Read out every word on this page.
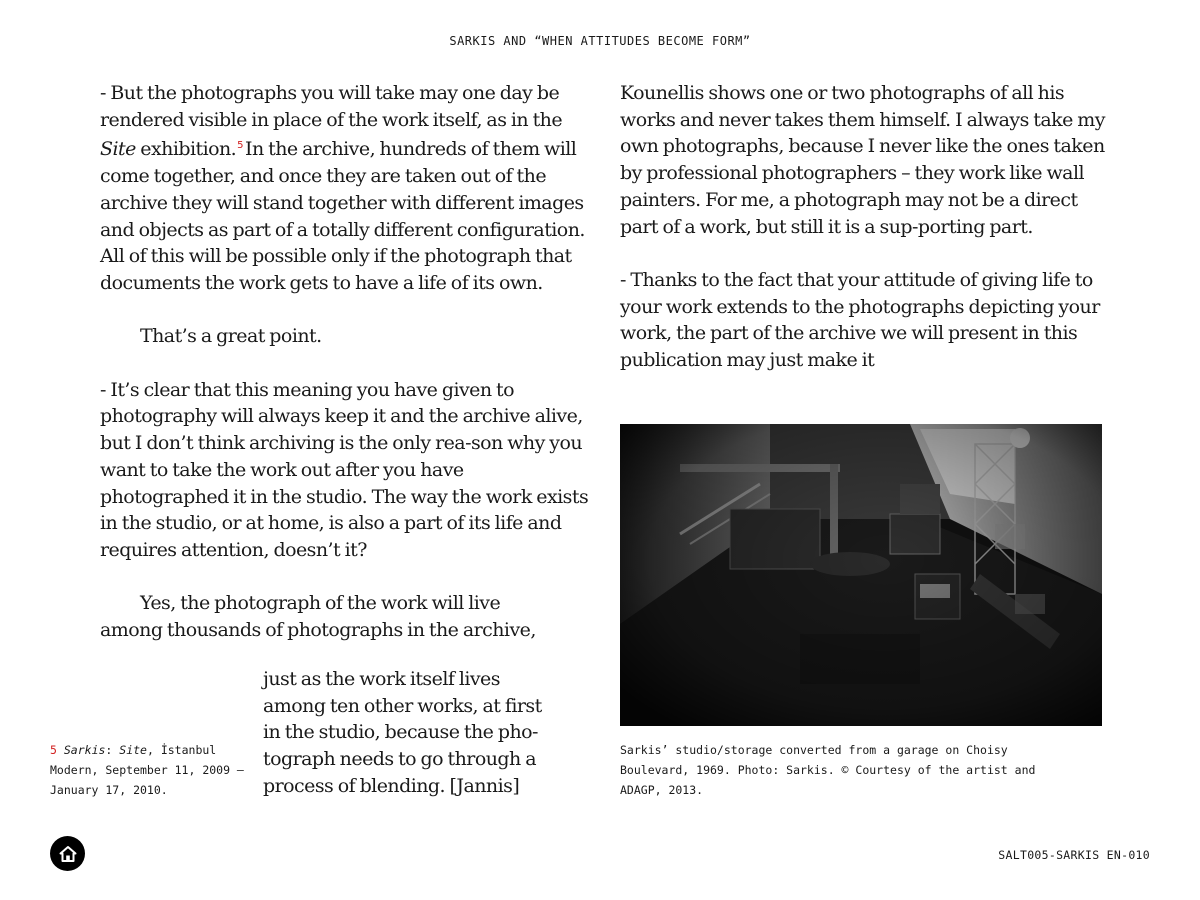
SARKIS AND “WHEN ATTITUDES BECOME FORM”

- But the photographs you will take may one day be rendered visible in place of the work itself, as in the Site exhibition.$^5$ In the archive, hundreds of them will come together, and once they are taken out of the archive they will stand together with different images and objects as part of a totally different configuration. All of this will be possible only if the photograph that documents the work gets to have a life of its own.

That’s a great point.

- It’s clear that this meaning you have given to photography will always keep it and the archive alive, but I don’t think archiving is the only rea-son why you want to take the work out after you have photographed it in the studio. The way the work exists in the studio, or at home, is also a part of its life and requires attention, doesn’t it?

Yes, the photograph of the work will live
among thousands of photographs in the archive,
just as the work itself lives
among ten other works, at first
in the studio, because the pho-
tograph needs to go through a
process of blending. [Jannis]
5 Sarkis: Site, İstanbul Modern, September 11, 2009 – January 17, 2010.

Kounellis shows one or two photographs of all his works and never takes them himself. I always take my own photographs, because I never like the ones taken by professional photographers – they work like wall painters. For me, a photograph may not be a direct part of a work, but still it is a sup-porting part.

- Thanks to the fact that your attitude of giving life to your work extends to the photographs depicting your work, the part of the archive we will present in this publication may just make it

Sarkis’ studio/storage converted from a garage on Choisy Boulevard, 1969. Photo: Sarkis. © Courtesy of the artist and ADAGP, 2013.
SALT005-SARKIS EN-010
